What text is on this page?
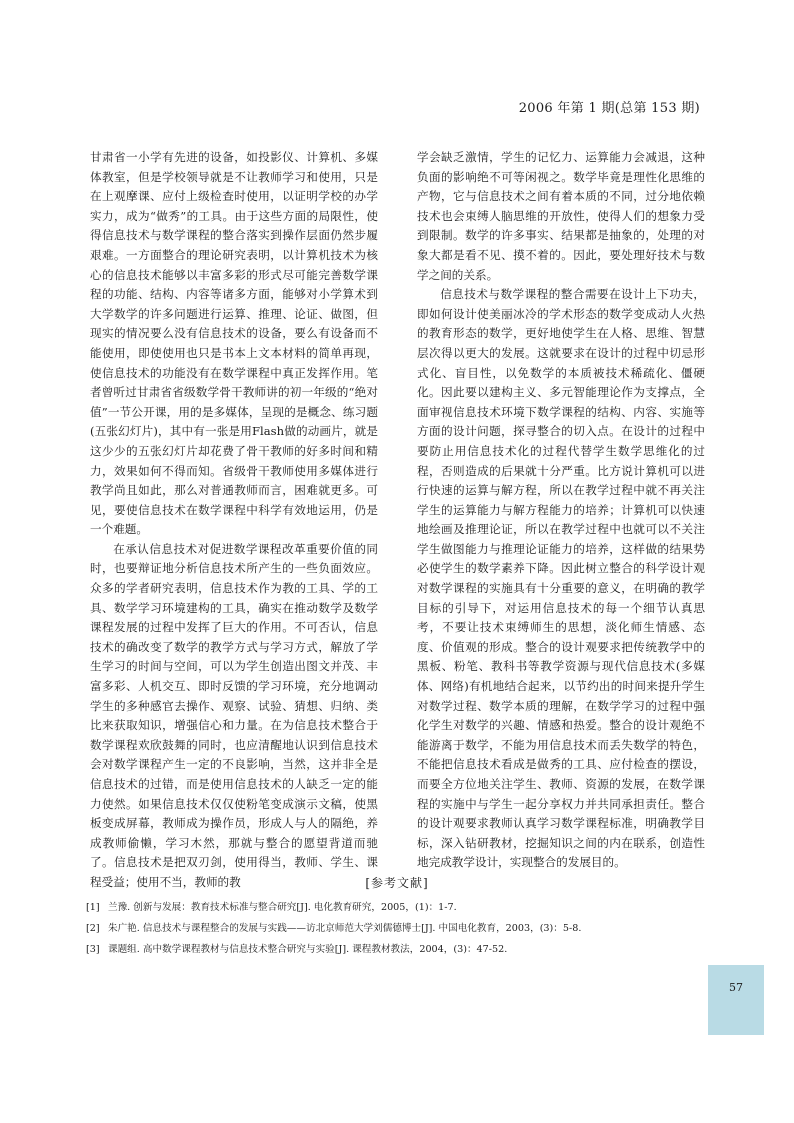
2006 年第 1 期(总第 153 期)

甘肃省一小学有先进的设备，如投影仪、计算机、多媒体教室，但是学校领导就是不让教师学习和使用，只是在上观摩课、应付上级检查时使用，以证明学校的办学实力，成为“做秀”的工具。由于这些方面的局限性，使得信息技术与数学课程的整合落实到操作层面仍然步履艰难。一方面整合的理论研究表明，以计算机技术为核心的信息技术能够以丰富多彩的形式尽可能完善数学课程的功能、结构、内容等诸多方面，能够对小学算术到大学数学的许多问题进行运算、推理、论证、做图，但现实的情况要么没有信息技术的设备，要么有设备而不能使用，即使使用也只是书本上文本材料的简单再现，使信息技术的功能没有在数学课程中真正发挥作用。笔者曾听过甘肃省省级数学骨干教师讲的初一年级的“绝对值”一节公开课，用的是多媒体，呈现的是概念、练习题(五张幻灯片)，其中有一张是用Flash做的动画片，就是这少少的五张幻灯片却花费了骨干教师的好多时间和精力，效果如何不得而知。省级骨干教师使用多媒体进行教学尚且如此，那么对普通教师而言，困难就更多。可见，要使信息技术在数学课程中科学有效地运用，仍是一个难题。

在承认信息技术对促进数学课程改革重要价值的同时，也要辩证地分析信息技术所产生的一些负面效应。众多的学者研究表明，信息技术作为教的工具、学的工具、数学学习环境建构的工具，确实在推动数学及数学课程发展的过程中发挥了巨大的作用。不可否认，信息技术的确改变了数学的教学方式与学习方式，解放了学生学习的时间与空间，可以为学生创造出图文并茂、丰富多彩、人机交互、即时反馈的学习环境，充分地调动学生的多种感官去操作、观察、试验、猜想、归纳、类比来获取知识，增强信心和力量。在为信息技术整合于数学课程欢欣鼓舞的同时，也应清醒地认识到信息技术会对数学课程产生一定的不良影响，当然，这并非全是信息技术的过错，而是使用信息技术的人缺乏一定的能力使然。如果信息技术仅仅使粉笔变成演示文稿，使黑板变成屏幕，教师成为操作员，形成人与人的隔绝，养成教师偷懒，学习木然，那就与整合的愿望背道而驰了。信息技术是把双刃剑，使用得当，教师、学生、课程受益；使用不当，教师的教

学会缺乏激情，学生的记忆力、运算能力会减退，这种负面的影响绝不可等闲视之。数学毕竟是理性化思维的产物，它与信息技术之间有着本质的不同，过分地依赖技术也会束缚人脑思维的开放性，使得人们的想象力受到限制。数学的许多事实、结果都是抽象的，处理的对象大都是看不见、摸不着的。因此，要处理好技术与数学之间的关系。

信息技术与数学课程的整合需要在设计上下功夫，即如何设计使美丽冰冷的学术形态的数学变成动人火热的教育形态的数学，更好地使学生在人格、思维、智慧层次得以更大的发展。这就要求在设计的过程中切忌形式化、盲目性，以免数学的本质被技术稀疏化、僵硬化。因此要以建构主义、多元智能理论作为支撑点，全面审视信息技术环境下数学课程的结构、内容、实施等方面的设计问题，探寻整合的切入点。在设计的过程中要防止用信息技术化的过程代替学生数学思维化的过程，否则造成的后果就十分严重。比方说计算机可以进行快速的运算与解方程，所以在教学过程中就不再关注学生的运算能力与解方程能力的培养；计算机可以快速地绘画及推理论证，所以在教学过程中也就可以不关注学生做图能力与推理论证能力的培养，这样做的结果势必使学生的数学素养下降。因此树立整合的科学设计观对数学课程的实施具有十分重要的意义，在明确的教学目标的引导下，对运用信息技术的每一个细节认真思考，不要让技术束缚师生的思想，淡化师生情感、态度、价值观的形成。整合的设计观要求把传统教学中的黑板、粉笔、教科书等教学资源与现代信息技术(多媒体、网络)有机地结合起来，以节约出的时间来提升学生对数学过程、数学本质的理解，在数学学习的过程中强化学生对数学的兴趣、情感和热爱。整合的设计观绝不能游离于数学，不能为用信息技术而丢失数学的特色，不能把信息技术看成是做秀的工具、应付检查的摆设，而要全方位地关注学生、教师、资源的发展，在数学课程的实施中与学生一起分享权力并共同承担责任。整合的设计观要求教师认真学习数学课程标准，明确教学目标，深入钻研教材，挖掘知识之间的内在联系，创造性地完成教学设计，实现整合的发展目的。

[参考文献]
[1] 兰豫. 创新与发展：教育技术标准与整合研究[J]. 电化教育研究，2005，(1)：1-7.
[2] 朱广艳. 信息技术与课程整合的发展与实践——访北京师范大学刘儒德博士[J]. 中国电化教育，2003，(3)：5-8.
[3] 课题组. 高中数学课程教材与信息技术整合研究与实验[J]. 课程教材教法，2004，(3)：47-52.
57
